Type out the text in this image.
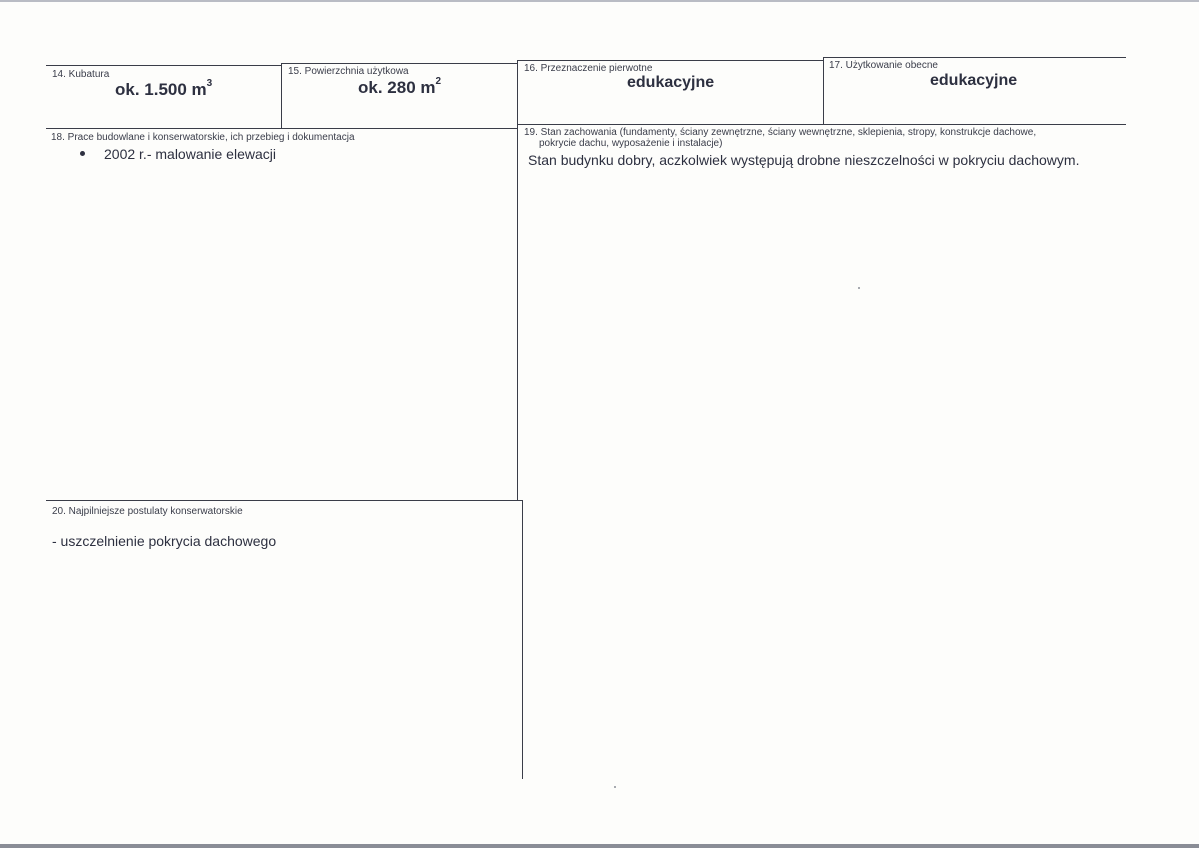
14. Kubatura
ok. 1.500 $m^3$
15. Powierzchnia użytkowa
ok. 280 $m^2$
16. Przeznaczenie pierwotne
edukacyjne
17. Użytkowanie obecne
edukacyjne
18. Prace budowlane i konserwatorskie, ich przebieg i dokumentacja
2002 r.- malowanie elewacji
19. Stan zachowania (fundamenty, ściany zewnętrzne, ściany wewnętrzne, sklepienia, stropy, konstrukcje dachowe,
pokrycie dachu, wyposażenie i instalacje)
Stan budynku dobry, aczkolwiek występują drobne nieszczelności w pokryciu dachowym.
20. Najpilniejsze postulaty konserwatorskie
- uszczelnienie pokrycia dachowego
